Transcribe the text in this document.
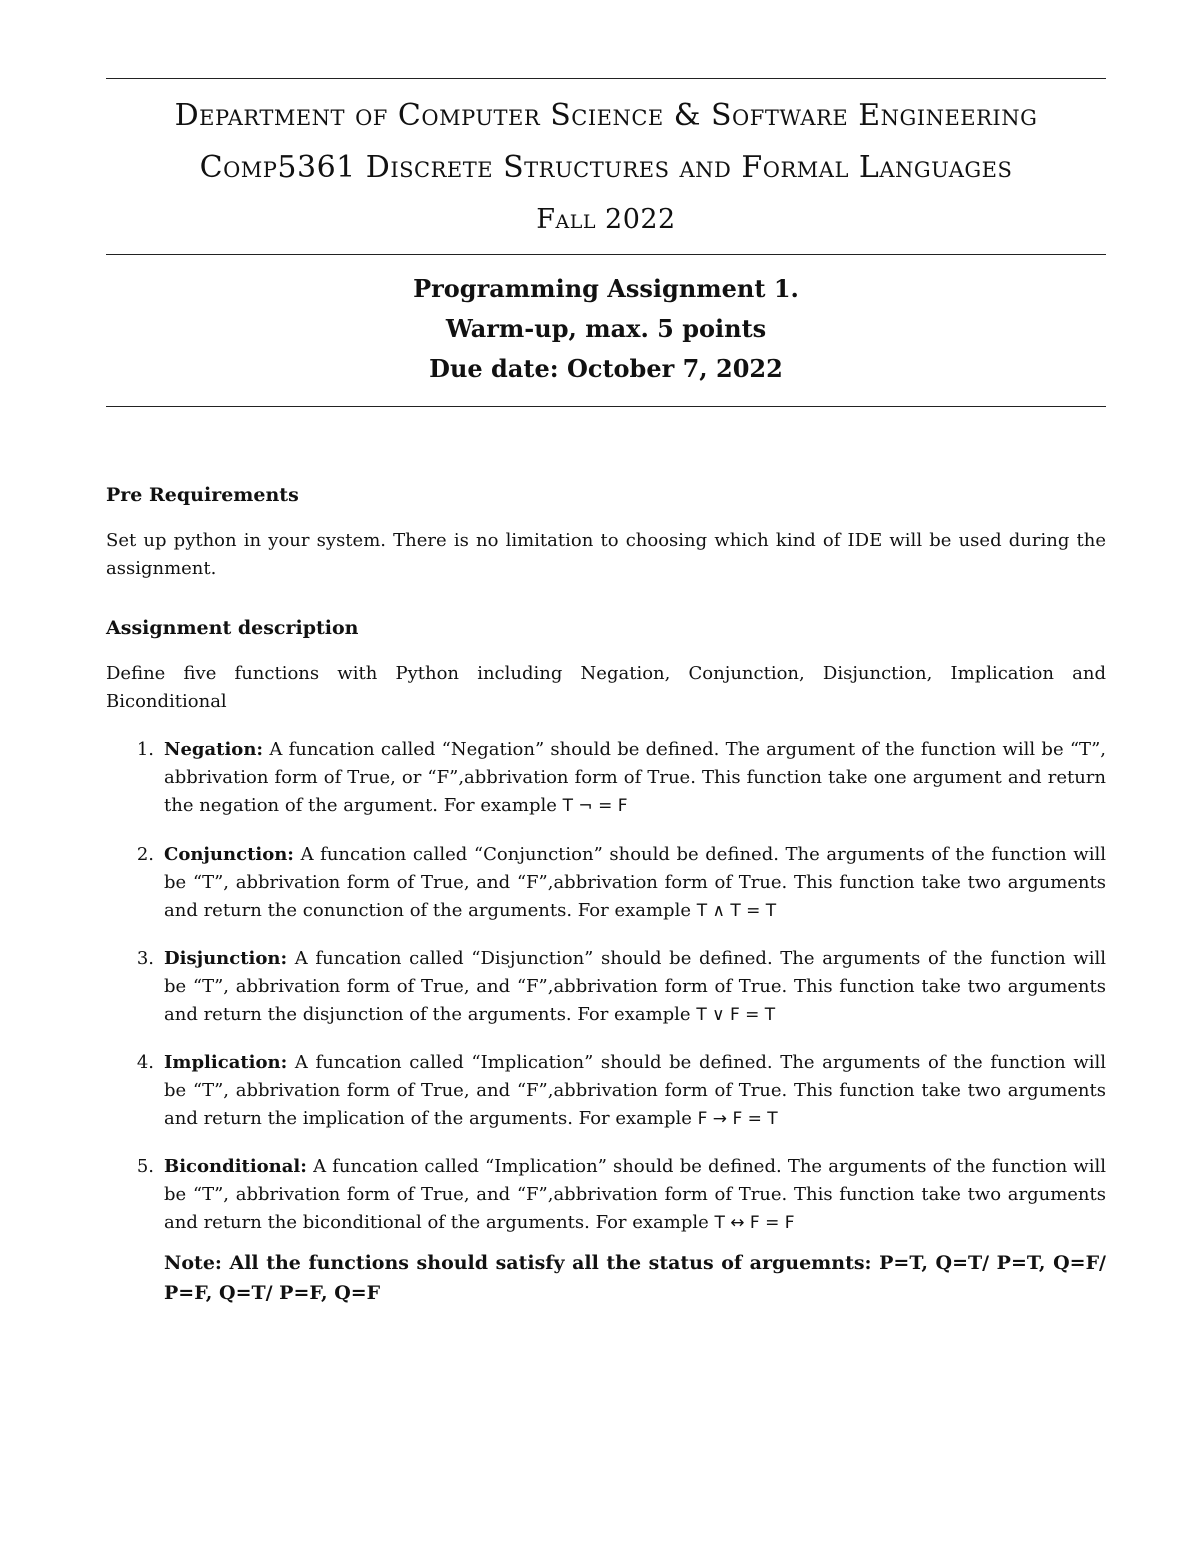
Department of Computer Science & Software Engineering
Comp5361 Discrete Structures and Formal Languages
Fall 2022
Programming Assignment 1.
Warm-up, max. 5 points
Due date: October 7, 2022
Pre Requirements
Set up python in your system. There is no limitation to choosing which kind of IDE will be used during the assignment.
Assignment description
Define five functions with Python including Negation, Conjunction, Disjunction, Implication and Biconditional
1. Negation: A funcation called “Negation” should be defined. The argument of the function will be “T”, abbrivation form of True, or “F”,abbrivation form of True. This function take one argument and return the negation of the argument. For example T ¬ = F
2. Conjunction: A funcation called “Conjunction” should be defined. The arguments of the function will be “T”, abbrivation form of True, and “F”,abbrivation form of True. This function take two arguments and return the conunction of the arguments. For example T ∧ T = T
3. Disjunction: A funcation called “Disjunction” should be defined. The arguments of the function will be “T”, abbrivation form of True, and “F”,abbrivation form of True. This function take two arguments and return the disjunction of the arguments. For example T ∨ F = T
4. Implication: A funcation called “Implication” should be defined. The arguments of the function will be “T”, abbrivation form of True, and “F”,abbrivation form of True. This function take two arguments and return the implication of the arguments. For example F → F = T
5. Biconditional: A funcation called “Implication” should be defined. The arguments of the function will be “T”, abbrivation form of True, and “F”,abbrivation form of True. This function take two arguments and return the biconditional of the arguments. For example T ↔ F = F
Note: All the functions should satisfy all the status of arguemnts: P=T, Q=T/ P=T, Q=F/ P=F, Q=T/ P=F, Q=F
